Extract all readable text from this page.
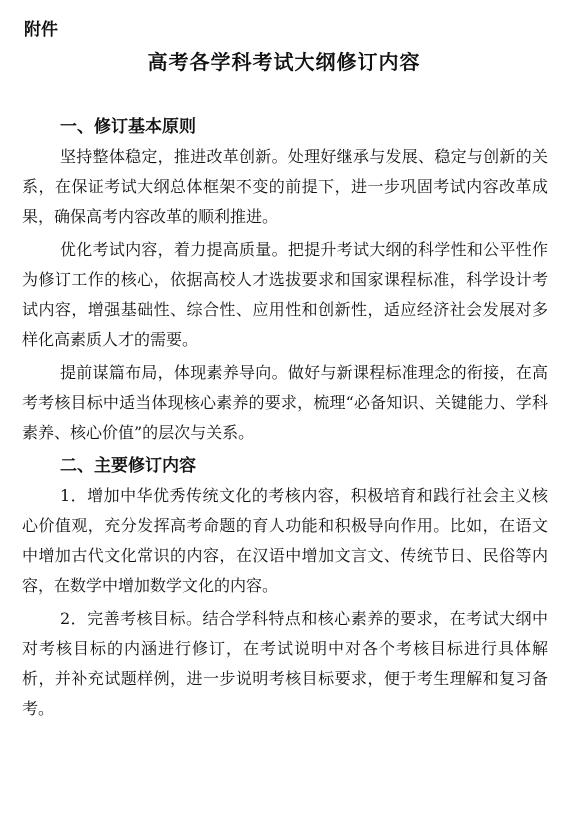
附件

高考各学科考试大纲修订内容
一、修订基本原则

坚持整体稳定，推进改革创新。处理好继承与发展、稳定与创新的关系，在保证考试大纲总体框架不变的前提下，进一步巩固考试内容改革成果，确保高考内容改革的顺利推进。

优化考试内容，着力提高质量。把提升考试大纲的科学性和公平性作为修订工作的核心，依据高校人才选拔要求和国家课程标准，科学设计考试内容，增强基础性、综合性、应用性和创新性，适应经济社会发展对多样化高素质人才的需要。

提前谋篇布局，体现素养导向。做好与新课程标准理念的衔接，在高考考核目标中适当体现核心素养的要求，梳理“必备知识、关键能力、学科素养、核心价值”的层次与关系。

二、主要修订内容

1．增加中华优秀传统文化的考核内容，积极培育和践行社会主义核心价值观，充分发挥高考命题的育人功能和积极导向作用。比如，在语文中增加古代文化常识的内容，在汉语中增加文言文、传统节日、民俗等内容，在数学中增加数学文化的内容。

2．完善考核目标。结合学科特点和核心素养的要求，在考试大纲中对考核目标的内涵进行修订，在考试说明中对各个考核目标进行具体解析，并补充试题样例，进一步说明考核目标要求，便于考生理解和复习备考。
